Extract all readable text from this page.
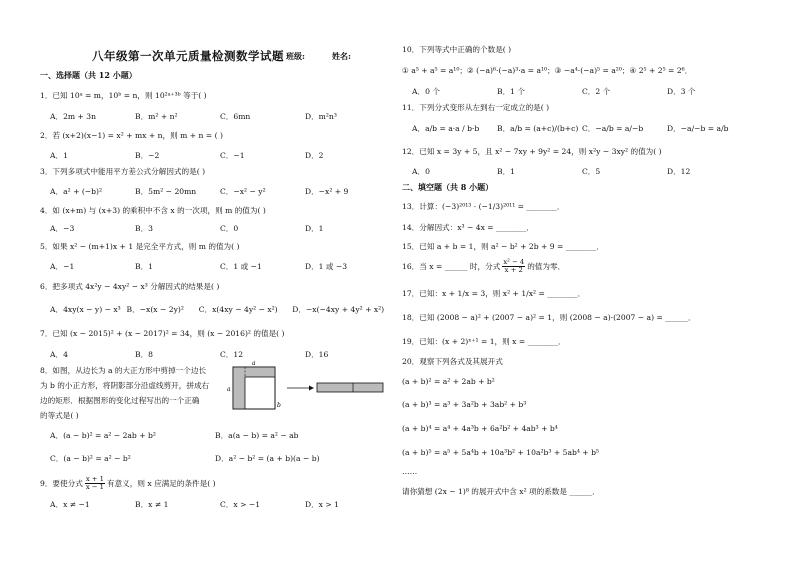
八年级第一次单元质量检测数学试题 班级:	姓名:
一、选择题（共 12 小题）
1．已知 10ᵃ = m，10ᵇ = n，则 10²ᵃ⁺³ᵇ 等于( )
A．2m + 3n	B．m² + n²	C．6mn	D．m²n³
2．若 (x+2)(x−1) = x² + mx + n，则 m + n = ( )
A．1	B．−2	C．−1	D．2
3．下列多项式中能用平方差公式分解因式的是( )
A．a² + (−b)²	B．5m² − 20mn	C．−x² − y²	D．−x² + 9
4．如 (x+m) 与 (x+3) 的乘积中不含 x 的一次项，则 m 的值为( )
A．−3	B．3	C．0	D．1
5．如果 x² − (m+1)x + 1 是完全平方式，则 m 的值为( )
A．−1	B．1	C．1 或 −1	D．1 或 −3
6．把多项式 4x²y − 4xy² − x³ 分解因式的结果是( )
A．4xy(x − y) − x³ B．−x(x − 2y)²	C．x(4xy − 4y² − x²)	D．−x(−4xy + 4y² + x²)
7．已知 (x − 2015)² + (x − 2017)² = 34，则 (x − 2016)² 的值是( )
A．4	B．8	C．12	D．16
8．如图，从边长为 a 的大正方形中剪掉一个边长
为 b 的小正方形，将阴影部分沿虚线剪开，拼成右
边的矩形．根据图形的变化过程写出的一个正确
的等式是( )
a
a
b
A．(a − b)² = a² − 2ab + b²	B．a(a − b) = a² − ab
C．(a − b)² = a² − b²	D．a² − b² = (a + b)(a − b)
9．要使分式 $\frac{x + 1}{x - 1}$ 有意义，则 x 应满足的条件是( )
A．x ≠ −1	B．x ≠ 1	C．x > −1	D．x > 1
10．下列等式中正确的个数是( )
① a⁵ + a⁵ = a¹⁰；② (−a)⁶·(−a)³·a = a¹⁰；③ −a⁴·(−a)⁵ = a²⁰；④ 2⁵ + 2⁵ = 2⁶．
A．0 个	B．1 个	C．2 个	D．3 个
11．下列分式变形从左到右一定成立的是( )
A．a/b = a·a / b·b	B．a/b = (a+c)/(b+c) C．−a/b = a/−b	D．−a/−b = a/b
12．已知 x = 3y + 5，且 x² − 7xy + 9y² = 24，则 x²y − 3xy² 的值为( )
A．0	B．1	C．5	D．12
二、填空题（共 8 小题）
13．计算：(−3)²⁰¹³ · (−1/3)²⁰¹¹ = ________．
14．分解因式：x³ − 4x = ________．
15．已知 a + b = 1，则 a² − b² + 2b + 9 = ________．
16．当 x = ______ 时，分式 $\frac{\text{x² − 4}}{x + 2}$ 的值为零．
17．已知：x + 1/x = 3，则 x² + 1/x² = ________．
18．已知 (2008 − a)² + (2007 − a)² = 1，则 (2008 − a)·(2007 − a) = ______．
19．已知：(x + 2)ˣ⁺¹ = 1，则 x = ________．
20．观察下列各式及其展开式
(a + b)² = a² + 2ab + b²
(a + b)³ = a³ + 3a²b + 3ab² + b³
(a + b)⁴ = a⁴ + 4a³b + 6a²b² + 4ab³ + b⁴
(a + b)⁵ = a⁵ + 5a⁴b + 10a³b² + 10a²b³ + 5ab⁴ + b⁵
……
请你猜想 (2x − 1)⁸ 的展开式中含 x² 项的系数是 ______．
